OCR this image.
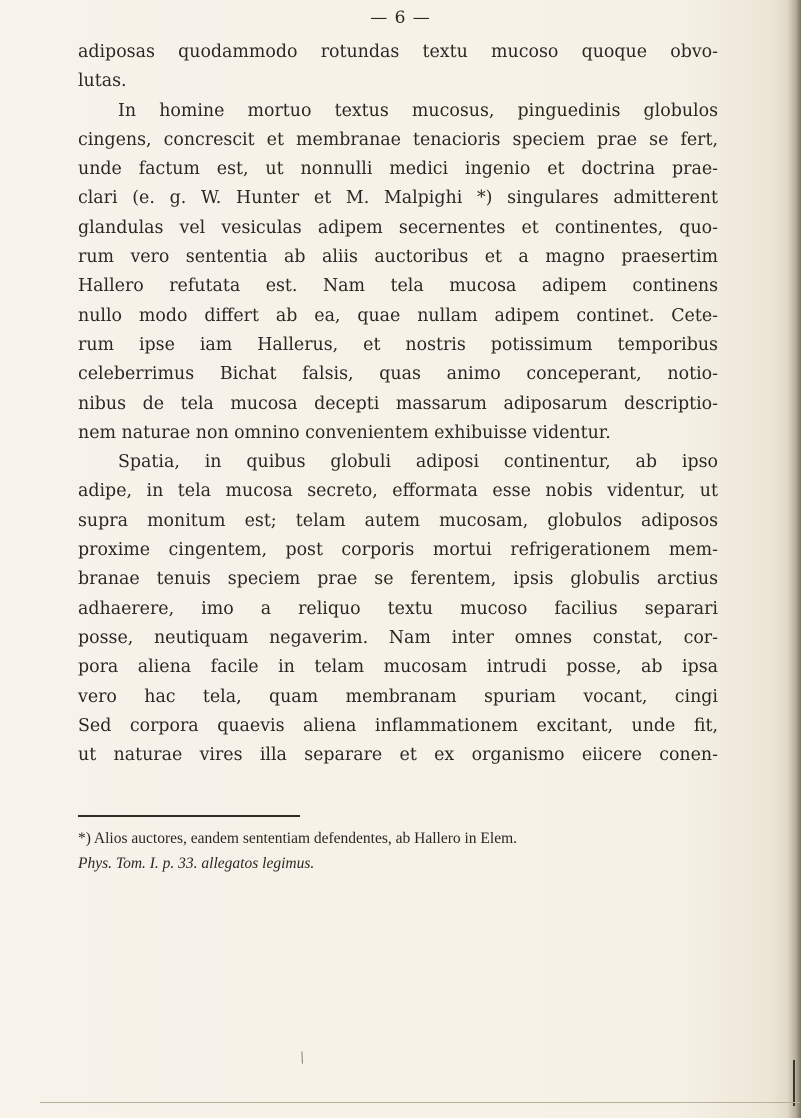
— 6 —
adiposas quodammodo rotundas textu mucoso quoque obvo-
lutas.
In homine mortuo textus mucosus, pinguedinis globulos
cingens, concrescit et membranae tenacioris speciem prae se fert,
unde factum est, ut nonnulli medici ingenio et doctrina prae-
clari (e. g. W. Hunter et M. Malpighi *) singulares admitterent
glandulas vel vesiculas adipem secernentes et continentes, quo-
rum vero sententia ab aliis auctoribus et a magno praesertim
Hallero refutata est. Nam tela mucosa adipem continens
nullo modo differt ab ea, quae nullam adipem continet. Cete-
rum ipse iam Hallerus, et nostris potissimum temporibus
celeberrimus Bichat falsis, quas animo conceperant, notio-
nibus de tela mucosa decepti massarum adiposarum descriptio-
nem naturae non omnino convenientem exhibuisse videntur.
Spatia, in quibus globuli adiposi continentur, ab ipso
adipe, in tela mucosa secreto, efformata esse nobis videntur, ut
supra monitum est; telam autem mucosam, globulos adiposos
proxime cingentem, post corporis mortui refrigerationem mem-
branae tenuis speciem prae se ferentem, ipsis globulis arctius
adhaerere, imo a reliquo textu mucoso facilius separari
posse, neutiquam negaverim. Nam inter omnes constat, cor-
pora aliena facile in telam mucosam intrudi posse, ab ipsa
vero hac tela, quam membranam spuriam vocant, cingi
Sed corpora quaevis aliena inflammationem excitant, unde fit,
ut naturae vires illa separare et ex organismo eiicere conen-
*) Alios auctores, eandem sententiam defendentes, ab Hallero in Elem.
Phys. Tom. I. p. 33. allegatos legimus.
/
